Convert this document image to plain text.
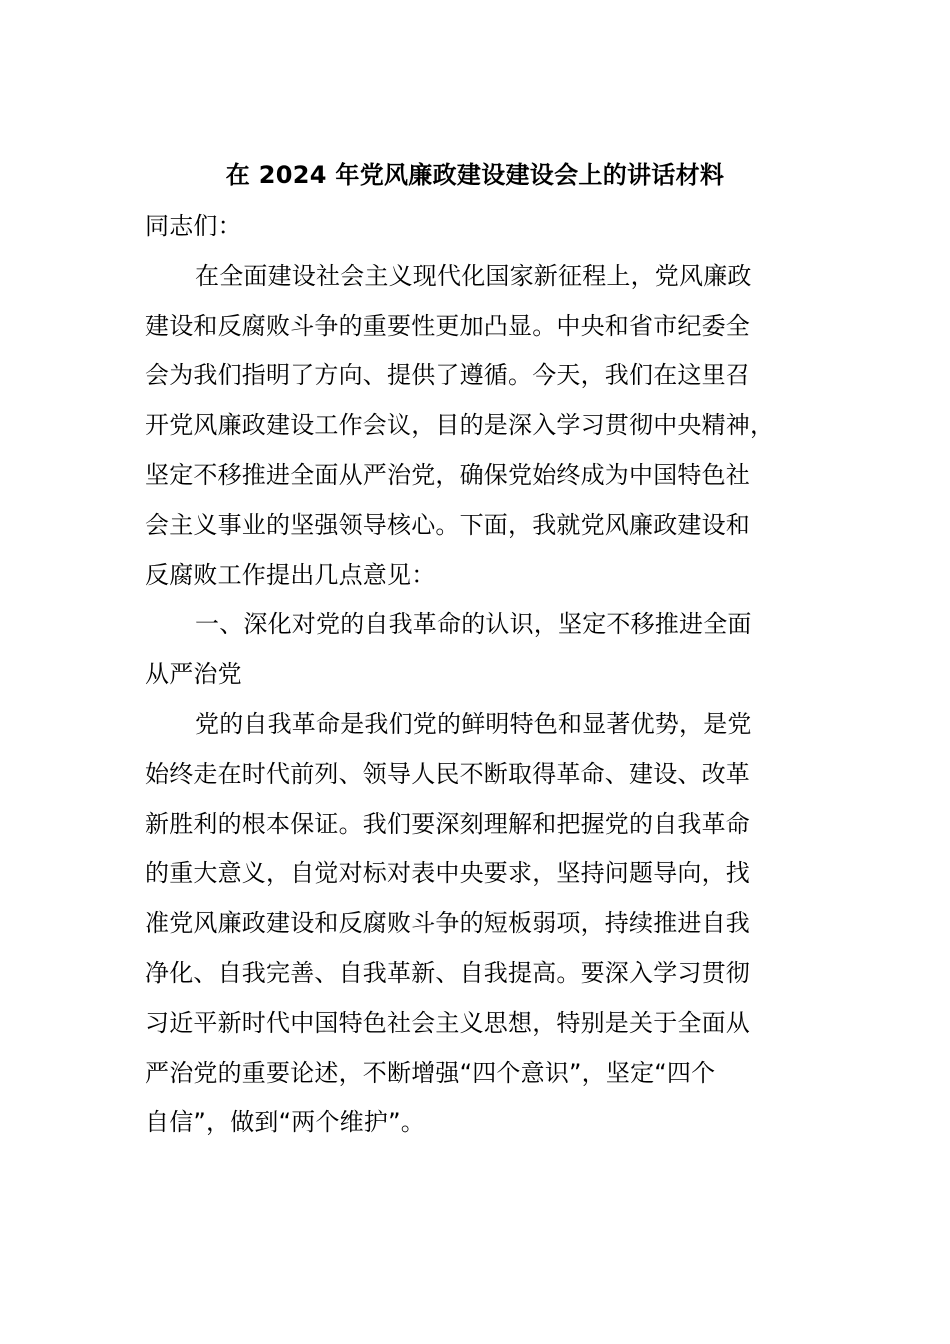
在 2024 年党风廉政建设建设会上的讲话材料

同志们：

在全面建设社会主义现代化国家新征程上，党风廉政

建设和反腐败斗争的重要性更加凸显。中央和省市纪委全

会为我们指明了方向、提供了遵循。今天，我们在这里召

开党风廉政建设工作会议，目的是深入学习贯彻中央精神，

坚定不移推进全面从严治党，确保党始终成为中国特色社

会主义事业的坚强领导核心。下面，我就党风廉政建设和

反腐败工作提出几点意见：

一、深化对党的自我革命的认识，坚定不移推进全面

从严治党

党的自我革命是我们党的鲜明特色和显著优势，是党

始终走在时代前列、领导人民不断取得革命、建设、改革

新胜利的根本保证。我们要深刻理解和把握党的自我革命

的重大意义，自觉对标对表中央要求，坚持问题导向，找

准党风廉政建设和反腐败斗争的短板弱项，持续推进自我

净化、自我完善、自我革新、自我提高。要深入学习贯彻

习近平新时代中国特色社会主义思想，特别是关于全面从

严治党的重要论述，不断增强“四个意识”，坚定“四个

自信”，做到“两个维护”。
